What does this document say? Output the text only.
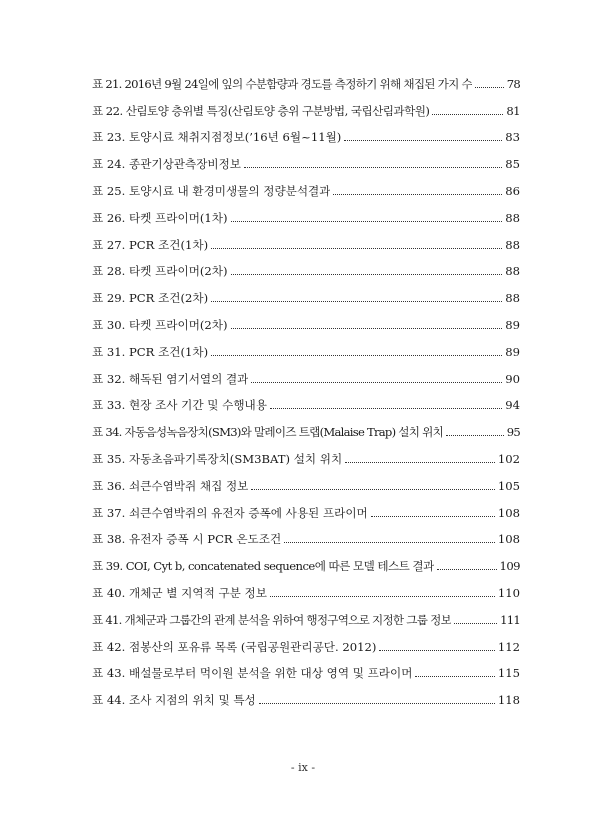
표 21. 2016년 9월 24일에 잎의 수분함량과 경도를 측정하기 위해 채집된 가지 수	78
표 22. 산림토양 층위별 특징(산림토양 층위 구분방법, 국립산림과학원)	81
표 23. 토양시료 채취지점정보(’16년 6월~11월)	83
표 24. 종관기상관측장비정보	85
표 25. 토양시료 내 환경미생물의 정량분석결과	86
표 26. 타켓 프라이머(1차)	88
표 27. PCR 조건(1차)	88
표 28. 타켓 프라이머(2차)	88
표 29. PCR 조건(2차)	88
표 30. 타켓 프라이머(2차)	89
표 31. PCR 조건(1차)	89
표 32. 해독된 염기서열의 결과	90
표 33. 현장 조사 기간 및 수행내용	94
표 34. 자동음성녹음장치(SM3)와 말레이즈 트랩(Malaise Trap) 설치 위치	95
표 35. 자동초음파기록장치(SM3BAT) 설치 위치	102
표 36. 쇠큰수염박쥐 채집 정보	105
표 37. 쇠큰수염박쥐의 유전자 증폭에 사용된 프라이머	108
표 38. 유전자 증폭 시 PCR 온도조건	108
표 39. COI, Cyt b, concatenated sequence에 따른 모델 테스트 결과	109
표 40. 개체군 별 지역적 구분 정보	110
표 41. 개체군과 그룹간의 관계 분석을 위하여 행정구역으로 지정한 그룹 정보	111
표 42. 점봉산의 포유류 목록 (국립공원관리공단. 2012)	112
표 43. 배설물로부터 먹이원 분석을 위한 대상 영역 및 프라이머	115
표 44. 조사 지점의 위치 및 특성	118
- ix -
